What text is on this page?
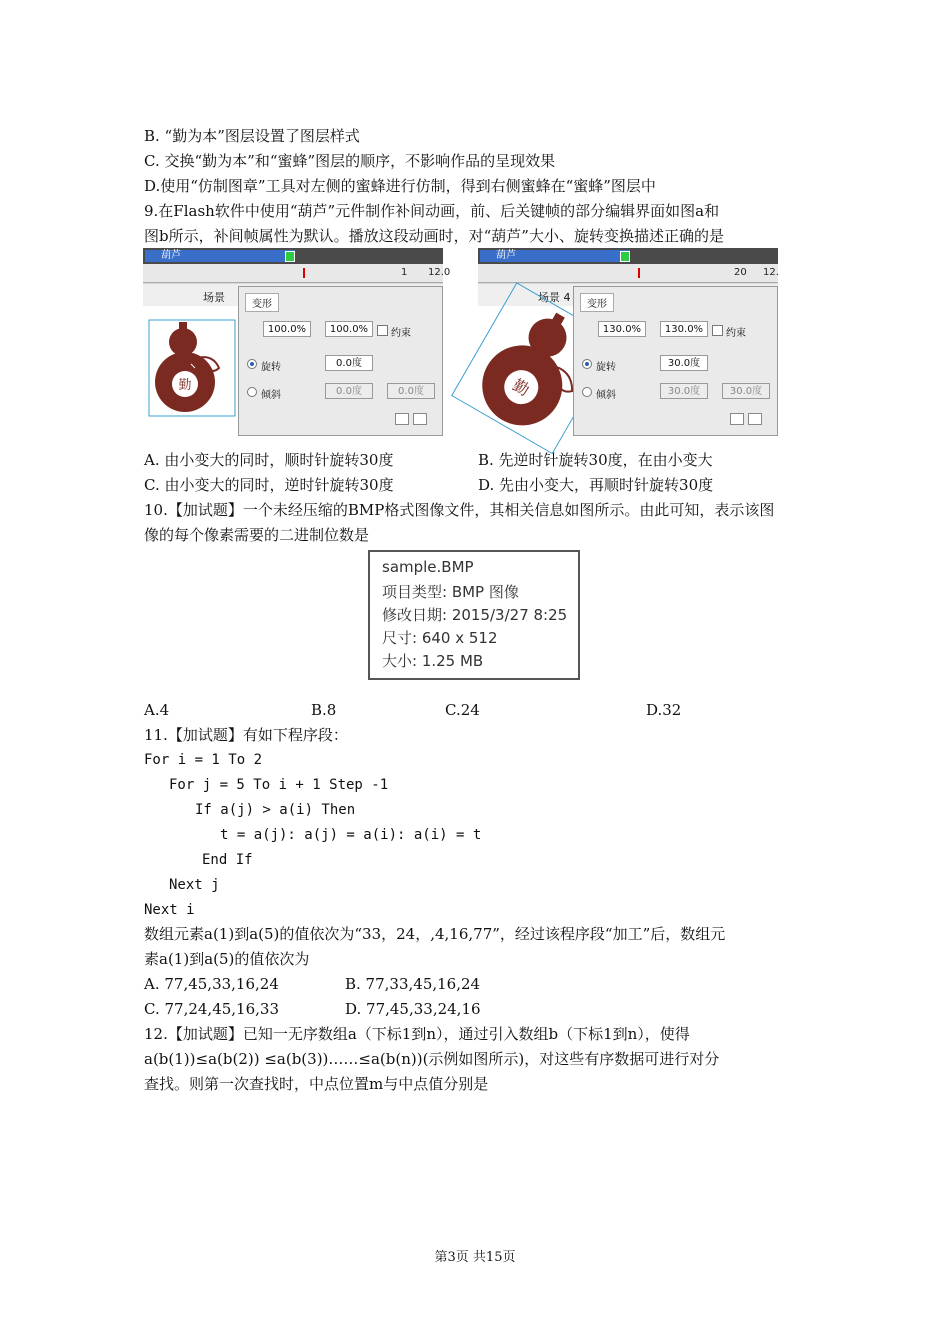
B. “勤为本”图层设置了图层样式
C. 交换“勤为本”和“蜜蜂”图层的顺序，不影响作品的呈现效果
D.使用“仿制图章”工具对左侧的蜜蜂进行仿制，得到右侧蜜蜂在“蜜蜂”图层中
9.在Flash软件中使用“葫芦”元件制作补间动画，前、后关键帧的部分编辑界面如图a和
图b所示，补间帧属性为默认。播放这段动画时，对“葫芦”大小、旋转变换描述正确的是
葫芦
1 12.0
场景
勤
变形
100.0%	100.0%	约束
旋转	0.0度
倾斜	0.0度	0.0度
葫芦
20 12.
场景 4
勤
变形
130.0%	130.0%	约束
旋转	30.0度
倾斜	30.0度	30.0度
A. 由小变大的同时，顺时针旋转30度	B. 先逆时针旋转30度，在由小变大
C. 由小变大的同时，逆时针旋转30度	D. 先由小变大，再顺时针旋转30度
10.【加试题】一个未经压缩的BMP格式图像文件，其相关信息如图所示。由此可知，表示该图
像的每个像素需要的二进制位数是
sample.BMP
项目类型: BMP 图像
修改日期: 2015/3/27 8:25
尺寸: 640 x 512
大小: 1.25 MB
A.4	B.8	C.24	D.32
11.【加试题】有如下程序段：
For i = 1 To 2
For j = 5 To i + 1 Step -1
If a(j) > a(i) Then
t = a(j): a(j) = a(i): a(i) = t
End If
Next j
Next i
数组元素a(1)到a(5)的值依次为“33，24，,4,16,77”，经过该程序段“加工”后，数组元
素a(1)到a(5)的值依次为
A. 77,45,33,16,24	B. 77,33,45,16,24
C. 77,24,45,16,33	D. 77,45,33,24,16
12.【加试题】已知一无序数组a（下标1到n），通过引入数组b（下标1到n），使得
a(b(1))≤a(b(2)) ≤a(b(3))……≤a(b(n))(示例如图所示)，对这些有序数据可进行对分
查找。则第一次查找时，中点位置m与中点值分别是
第3页 共15页
